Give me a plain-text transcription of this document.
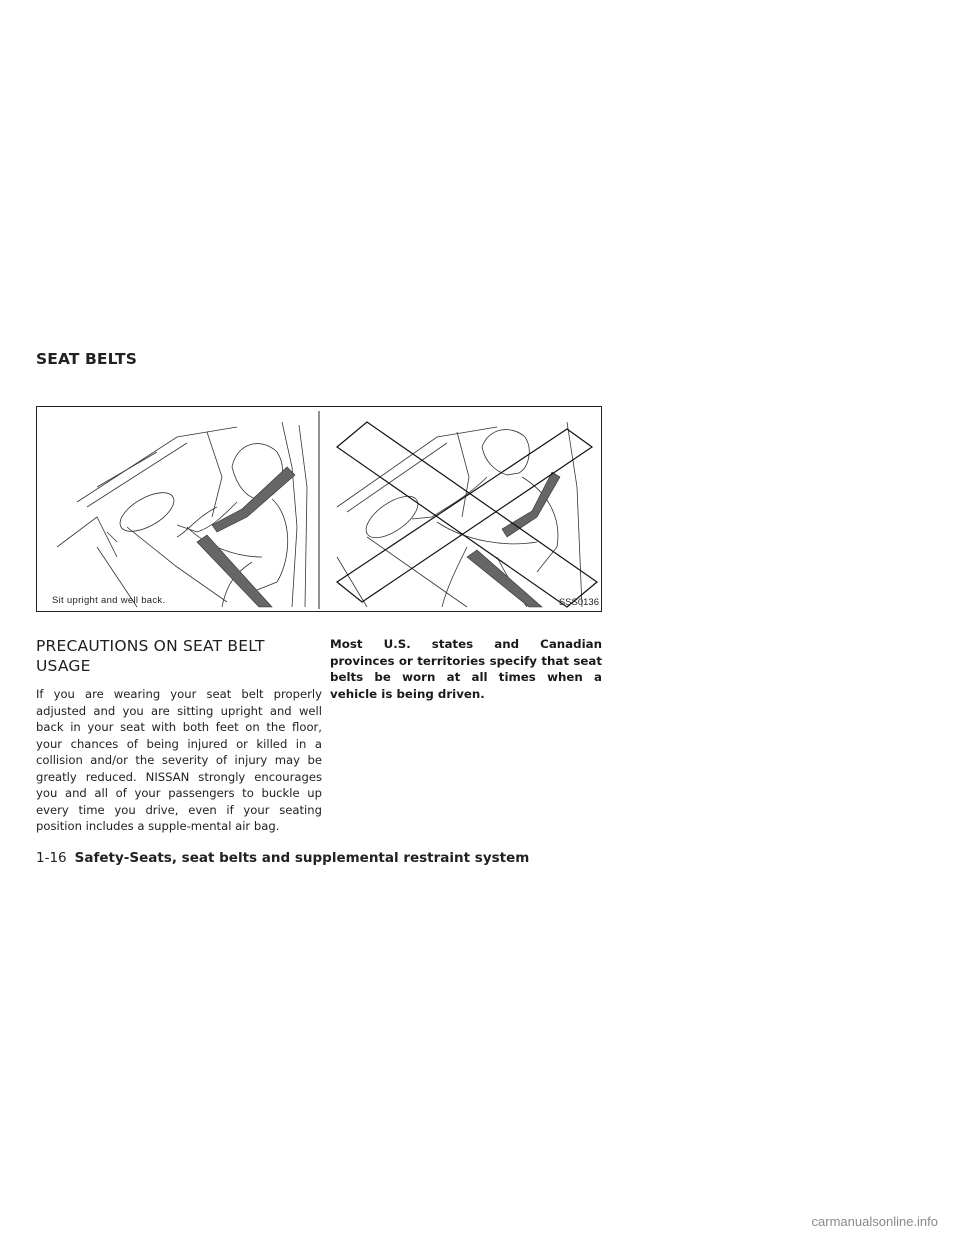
SEAT BELTS
Sit upright and well back.	SSS0136
PRECAUTIONS ON SEAT BELT USAGE

If you are wearing your seat belt properly adjusted and you are sitting upright and well back in your seat with both feet on the floor, your chances of being injured or killed in a collision and/or the severity of injury may be greatly reduced. NISSAN strongly encourages you and all of your passengers to buckle up every time you drive, even if your seating position includes a supple-mental air bag.

Most U.S. states and Canadian provinces or territories specify that seat belts be worn at all times when a vehicle is being driven.

1-16 Safety-Seats, seat belts and supplemental restraint system
carmanualsonline.info
